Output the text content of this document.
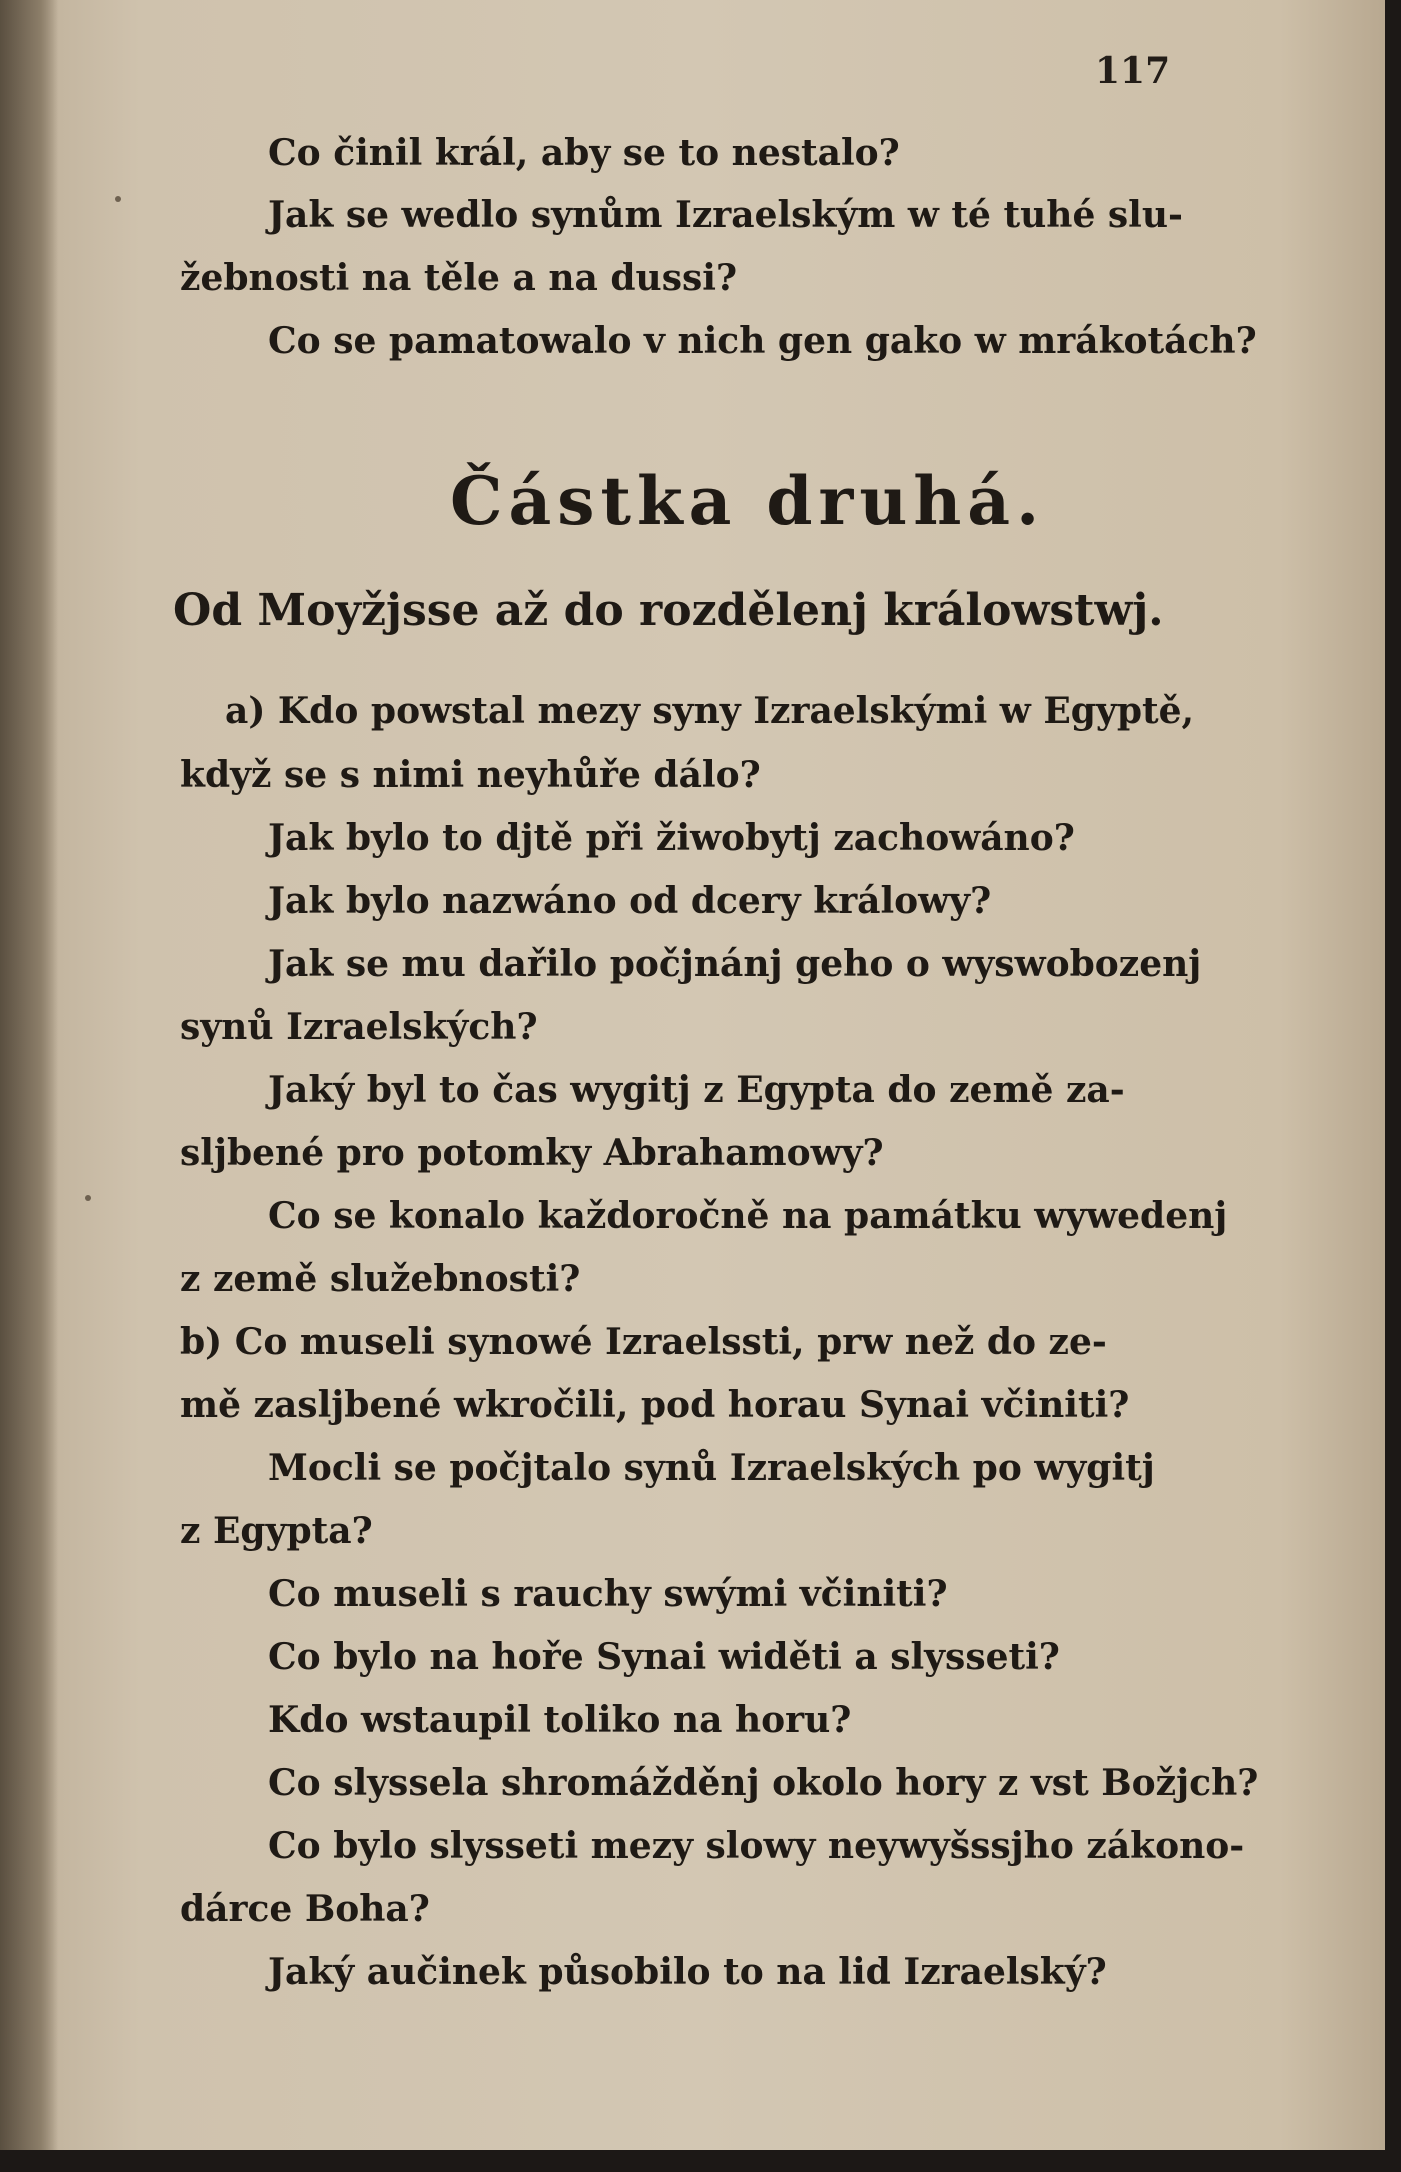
117
Co činil král, aby se to nestalo?
Jak se wedlo synům Izraelským w té tuhé slu-
žebnosti na těle a na dussi?
Co se pamatowalo v nich gen gako w mrákotách?
Částka druhá.
Od Moyžjsse až do rozdělenj králowstwj.
a) Kdo powstal mezy syny Izraelskými w Egyptě,
když se s nimi neyhůře dálo?
Jak bylo to djtě při žiwobytj zachowáno?
Jak bylo nazwáno od dcery králowy?
Jak se mu dařilo počjnánj geho o wyswobozenj
synů Izraelských?
Jaký byl to čas wygitj z Egypta do země za-
slјbené pro potomky Abrahamowy?
Co se konalo každoročně na památku wywedenj
z země služebnosti?
b) Co museli synowé Izraelssti, prw než do ze-
mě zaslјbené wkročili, pod horau Synai včiniti?
Mocli se počjtalo synů Izraelských po wygitj
z Egypta?
Co museli s rauchy swými včiniti?
Co bylo na hoře Synai widěti a slysseti?
Kdo wstaupil toliko na horu?
Co slyssela shromážděnj okolo hory z vst Božjch?
Co bylo slysseti mezy slowy neywyšssjho zákono-
dárce Boha?
Jaký aučinek působilo to na lid Izraelský?
